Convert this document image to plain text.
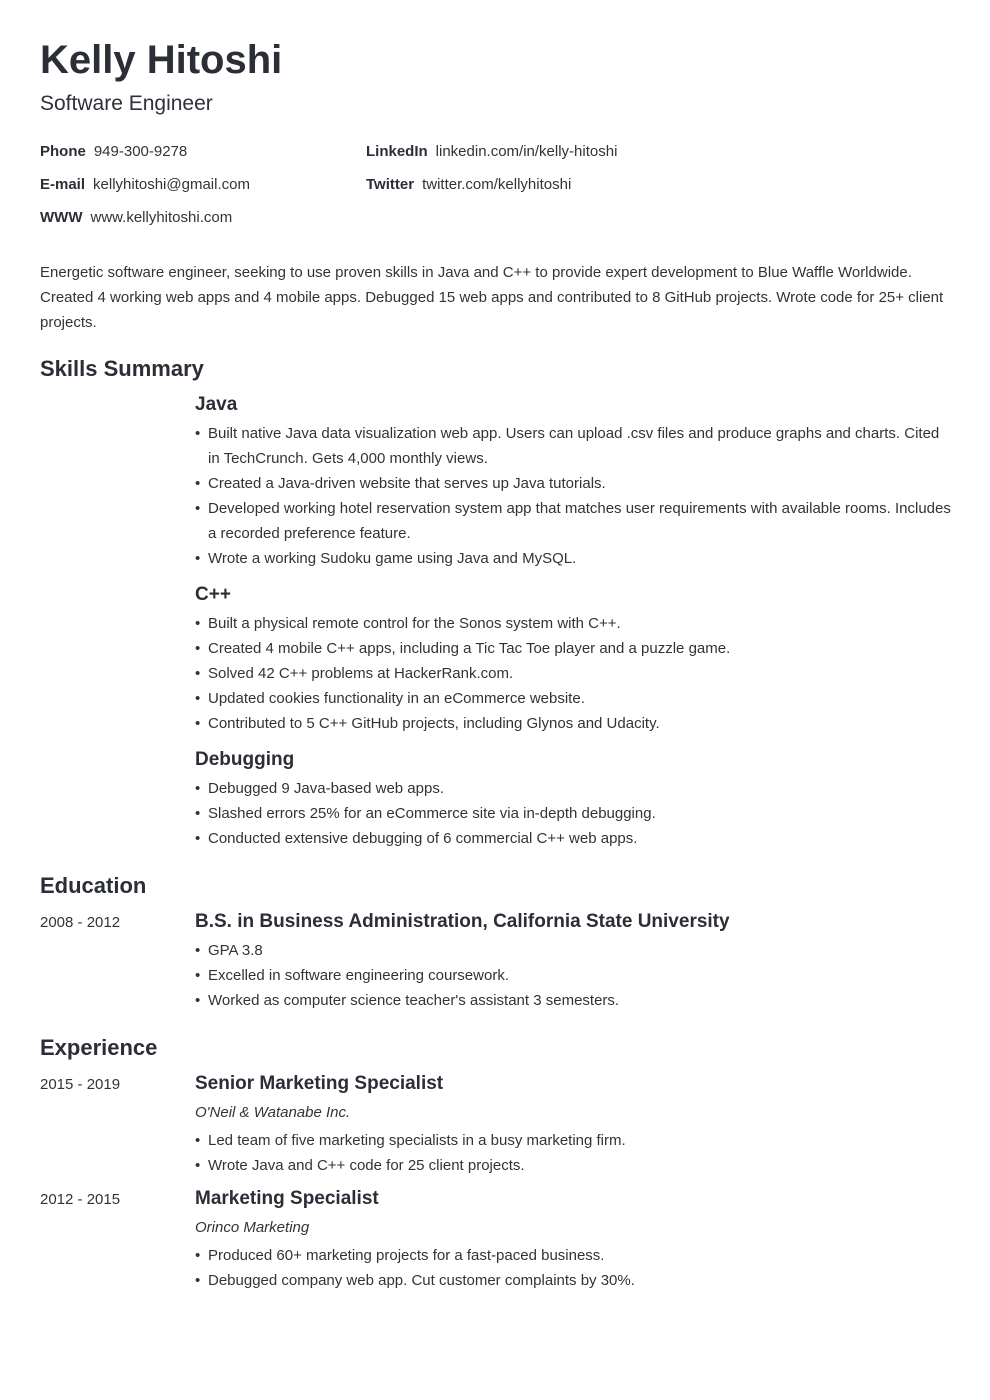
Kelly Hitoshi
Software Engineer
Phone 949-300-9278
E-mail kellyhitoshi@gmail.com
WWW www.kellyhitoshi.com
LinkedIn linkedin.com/in/kelly-hitoshi
Twitter twitter.com/kellyhitoshi

Energetic software engineer, seeking to use proven skills in Java and C++ to provide expert development to Blue Waffle Worldwide. Created 4 working web apps and 4 mobile apps. Debugged 15 web apps and contributed to 8 GitHub projects. Wrote code for 25+ client projects.

Skills Summary
Java
• Built native Java data visualization web app. Users can upload .csv files and produce graphs and charts. Cited in TechCrunch. Gets 4,000 monthly views.
• Created a Java-driven website that serves up Java tutorials.
• Developed working hotel reservation system app that matches user requirements with available rooms. Includes a recorded preference feature.
• Wrote a working Sudoku game using Java and MySQL.
C++
• Built a physical remote control for the Sonos system with C++.
• Created 4 mobile C++ apps, including a Tic Tac Toe player and a puzzle game.
• Solved 42 C++ problems at HackerRank.com.
• Updated cookies functionality in an eCommerce website.
• Contributed to 5 C++ GitHub projects, including Glynos and Udacity.
Debugging
• Debugged 9 Java-based web apps.
• Slashed errors 25% for an eCommerce site via in-depth debugging.
• Conducted extensive debugging of 6 commercial C++ web apps.
Education
2008 - 2012	B.S. in Business Administration, California State University
• GPA 3.8
• Excelled in software engineering coursework.
• Worked as computer science teacher's assistant 3 semesters.
Experience
2015 - 2019	Senior Marketing Specialist
O'Neil & Watanabe Inc.
• Led team of five marketing specialists in a busy marketing firm.
• Wrote Java and C++ code for 25 client projects.
2012 - 2015	Marketing Specialist
Orinco Marketing
• Produced 60+ marketing projects for a fast-paced business.
• Debugged company web app. Cut customer complaints by 30%.
